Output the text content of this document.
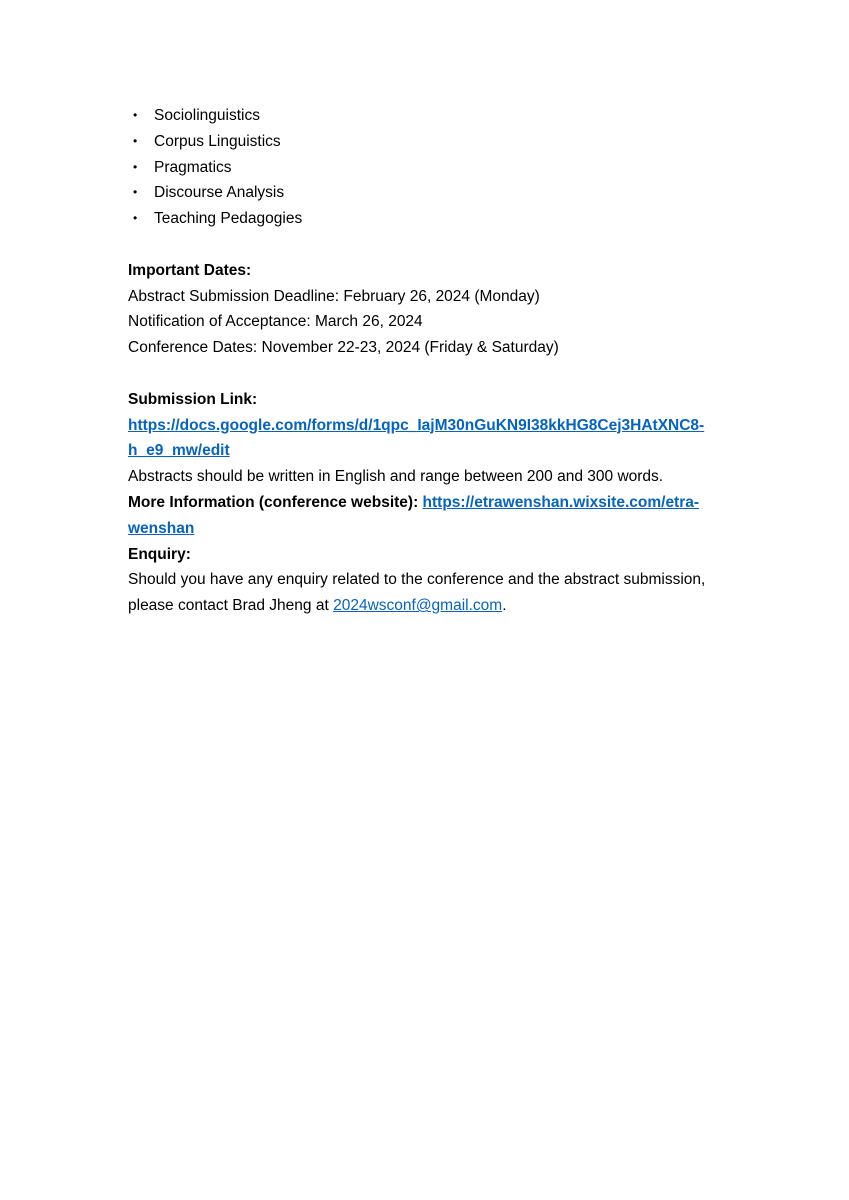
• Sociolinguistics
• Corpus Linguistics
• Pragmatics
• Discourse Analysis
• Teaching Pedagogies
Important Dates:
Abstract Submission Deadline: February 26, 2024 (Monday)
Notification of Acceptance: March 26, 2024
Conference Dates: November 22-23, 2024 (Friday & Saturday)
Submission Link:
https://docs.google.com/forms/d/1qpc_IajM30nGuKN9I38kkHG8Cej3HAtXNC8-
h_e9_mw/edit
Abstracts should be written in English and range between 200 and 300 words.
More Information (conference website): https://etrawenshan.wixsite.com/etra-
wenshan
Enquiry:
Should you have any enquiry related to the conference and the abstract submission,
please contact Brad Jheng at 2024wsconf@gmail.com.
